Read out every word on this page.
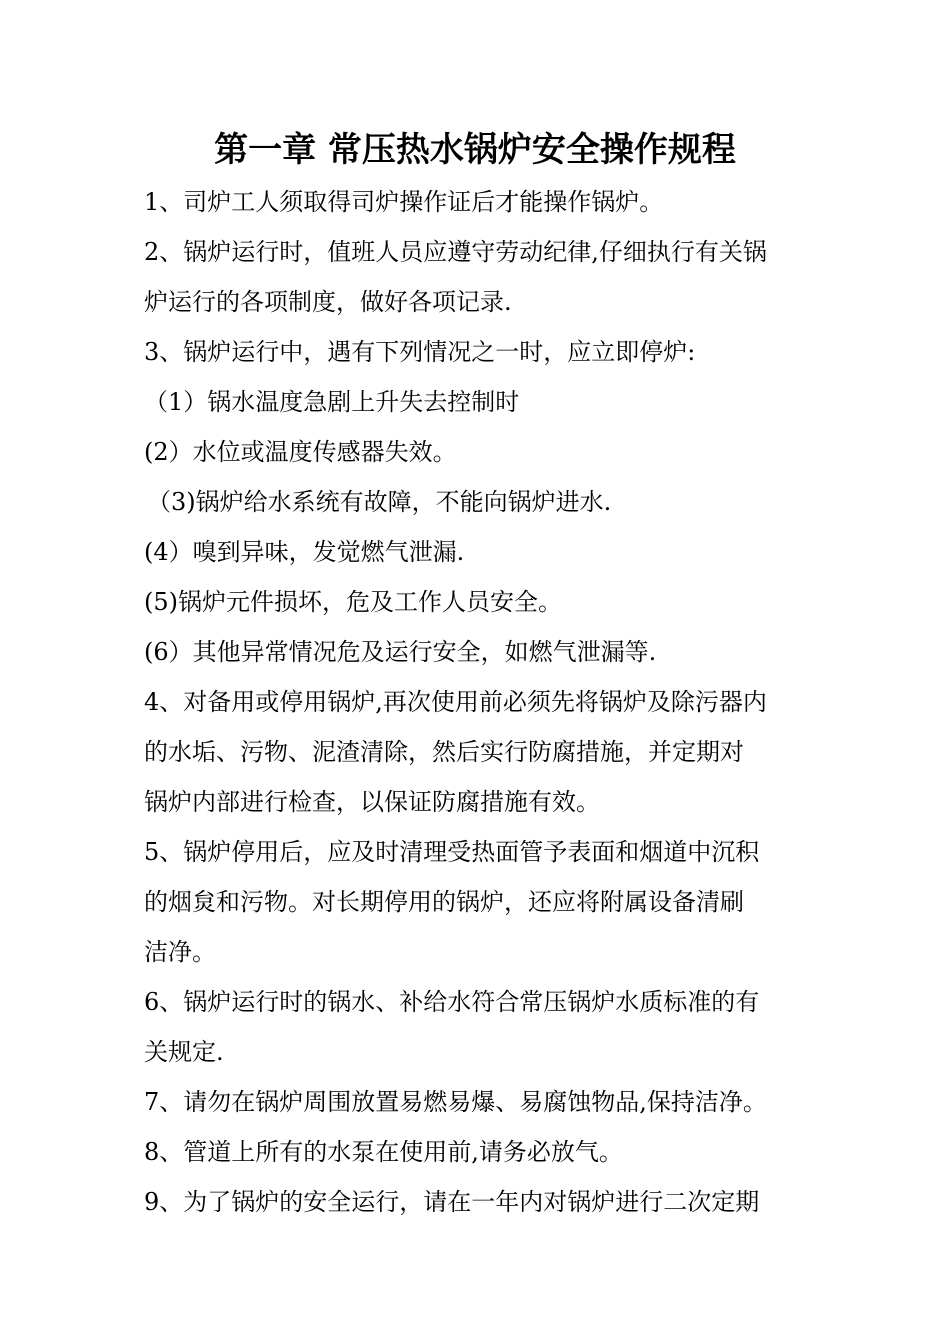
第一章 常压热水锅炉安全操作规程

1、司炉工人须取得司炉操作证后才能操作锅炉。

2、锅炉运行时，值班人员应遵守劳动纪律,仔细执行有关锅

炉运行的各项制度，做好各项记录.

3、锅炉运行中，遇有下列情况之一时，应立即停炉:

（1）锅水温度急剧上升失去控制时

(2）水位或温度传感器失效。

（3)锅炉给水系统有故障，不能向锅炉进水.

(4）嗅到异味，发觉燃气泄漏.

(5)锅炉元件损坏，危及工作人员安全。

(6）其他异常情况危及运行安全，如燃气泄漏等.

4、对备用或停用锅炉,再次使用前必须先将锅炉及除污器内

的水垢、污物、泥渣清除，然后实行防腐措施，并定期对

锅炉内部进行检查，以保证防腐措施有效。

5、锅炉停用后，应及时清理受热面管予表面和烟道中沉积

的烟炱和污物。对长期停用的锅炉，还应将附属设备清刷

洁净。

6、锅炉运行时的锅水、补给水符合常压锅炉水质标准的有

关规定.

7、请勿在锅炉周围放置易燃易爆、易腐蚀物品,保持洁净。

8、管道上所有的水泵在使用前,请务必放气。

9、为了锅炉的安全运行，请在一年内对锅炉进行二次定期
